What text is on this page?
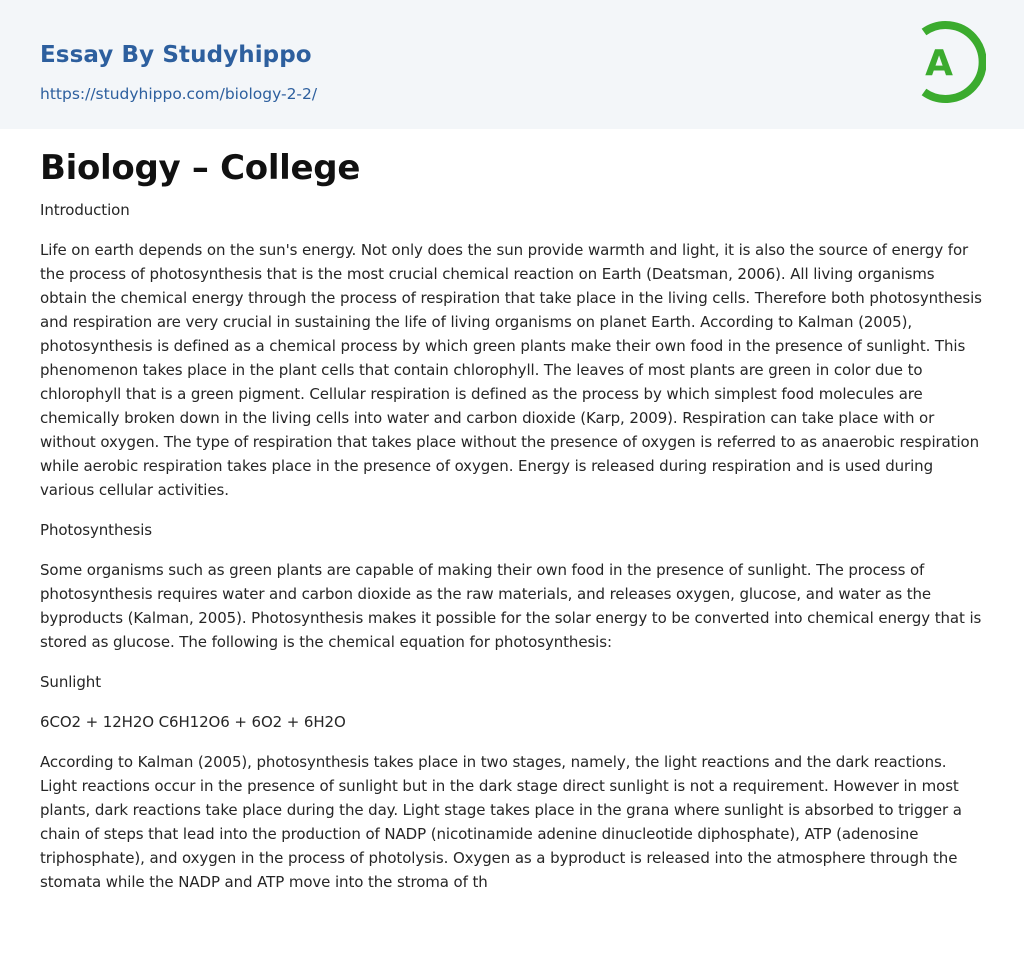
Essay By Studyhippo
https://studyhippo.com/biology-2-2/
A
Biology – College

Introduction

Life on earth depends on the sun's energy. Not only does the sun provide warmth and light, it is also the source of energy for the process of photosynthesis that is the most crucial chemical reaction on Earth (Deatsman, 2006). All living organisms obtain the chemical energy through the process of respiration that take place in the living cells. Therefore both photosynthesis and respiration are very crucial in sustaining the life of living organisms on planet Earth. According to Kalman (2005), photosynthesis is defined as a chemical process by which green plants make their own food in the presence of sunlight. This phenomenon takes place in the plant cells that contain chlorophyll. The leaves of most plants are green in color due to chlorophyll that is a green pigment. Cellular respiration is defined as the process by which simplest food molecules are chemically broken down in the living cells into water and carbon dioxide (Karp, 2009). Respiration can take place with or without oxygen. The type of respiration that takes place without the presence of oxygen is referred to as anaerobic respiration while aerobic respiration takes place in the presence of oxygen. Energy is released during respiration and is used during various cellular activities.

Photosynthesis

Some organisms such as green plants are capable of making their own food in the presence of sunlight. The process of photosynthesis requires water and carbon dioxide as the raw materials, and releases oxygen, glucose, and water as the byproducts (Kalman, 2005). Photosynthesis makes it possible for the solar energy to be converted into chemical energy that is stored as glucose. The following is the chemical equation for photosynthesis:

Sunlight

6CO2 + 12H2O C6H12O6 + 6O2 + 6H2O

According to Kalman (2005), photosynthesis takes place in two stages, namely, the light reactions and the dark reactions. Light reactions occur in the presence of sunlight but in the dark stage direct sunlight is not a requirement. However in most plants, dark reactions take place during the day. Light stage takes place in the grana where sunlight is absorbed to trigger a chain of steps that lead into the production of NADP (nicotinamide adenine dinucleotide diphosphate), ATP (adenosine triphosphate), and oxygen in the process of photolysis. Oxygen as a byproduct is released into the atmosphere through the stomata while the NADP and ATP move into the stroma of th
